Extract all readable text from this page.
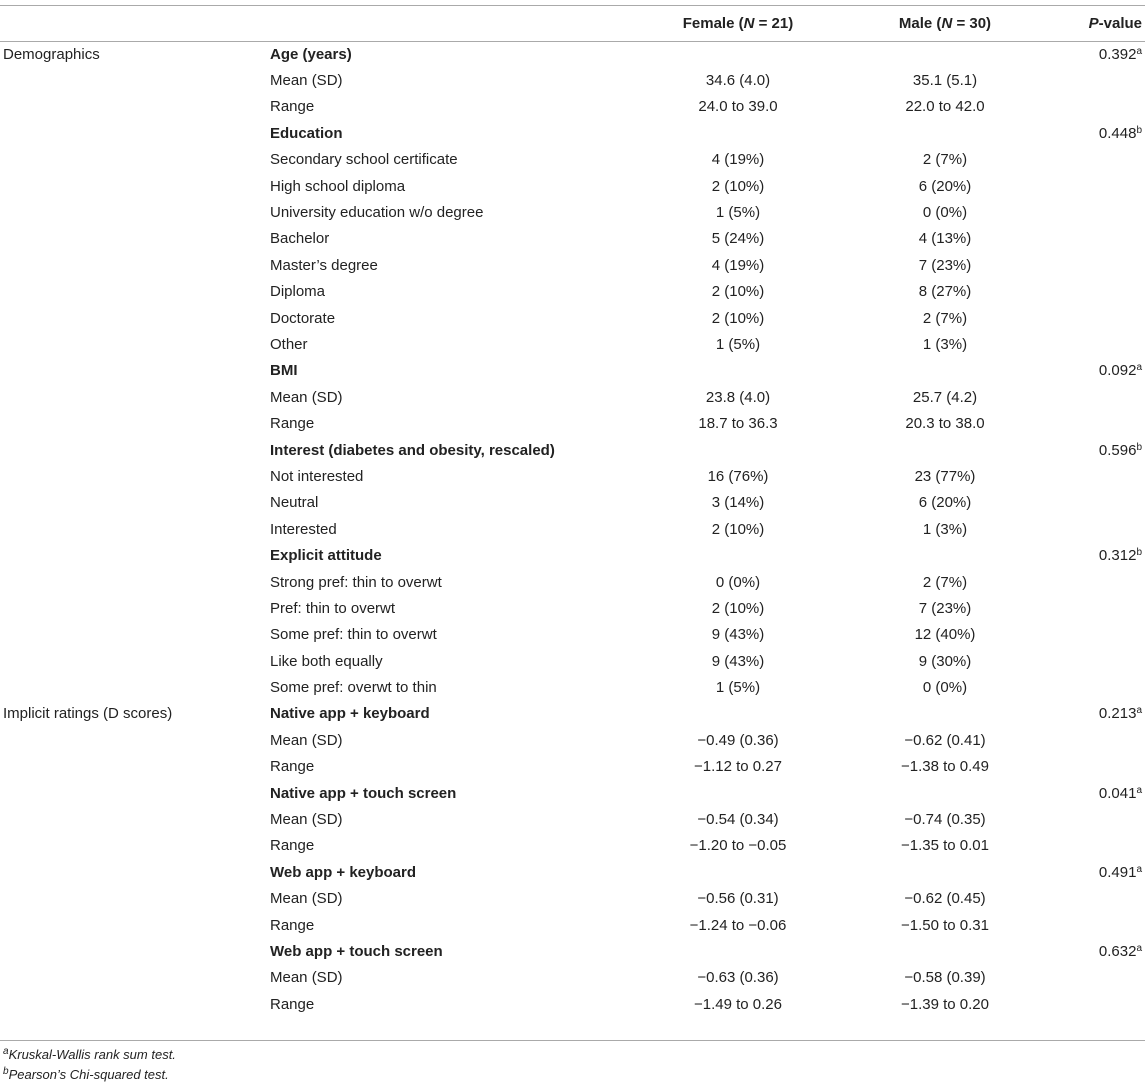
		Female (N = 21)	Male (N = 30)	P-value
Demographics	Age (years)			0.392$^a$
	Mean (SD)	34.6 (4.0)	35.1 (5.1)	
	Range	24.0 to 39.0	22.0 to 42.0	
	Education			0.448$^b$
	Secondary school certificate	4 (19%)	2 (7%)	
	High school diploma	2 (10%)	6 (20%)	
	University education w/o degree	1 (5%)	0 (0%)	
	Bachelor	5 (24%)	4 (13%)	
	Master’s degree	4 (19%)	7 (23%)	
	Diploma	2 (10%)	8 (27%)	
	Doctorate	2 (10%)	2 (7%)	
	Other	1 (5%)	1 (3%)	
	BMI			0.092$^a$
	Mean (SD)	23.8 (4.0)	25.7 (4.2)	
	Range	18.7 to 36.3	20.3 to 38.0	
	Interest (diabetes and obesity, rescaled)			0.596$^b$
	Not interested	16 (76%)	23 (77%)	
	Neutral	3 (14%)	6 (20%)	
	Interested	2 (10%)	1 (3%)	
	Explicit attitude			0.312$^b$
	Strong pref: thin to overwt	0 (0%)	2 (7%)	
	Pref: thin to overwt	2 (10%)	7 (23%)	
	Some pref: thin to overwt	9 (43%)	12 (40%)	
	Like both equally	9 (43%)	9 (30%)	
	Some pref: overwt to thin	1 (5%)	0 (0%)	
Implicit ratings (D scores)	Native app + keyboard			0.213$^a$
	Mean (SD)	−0.49 (0.36)	−0.62 (0.41)	
	Range	−1.12 to 0.27	−1.38 to 0.49	
	Native app + touch screen			0.041$^a$
	Mean (SD)	−0.54 (0.34)	−0.74 (0.35)	
	Range	−1.20 to −0.05	−1.35 to 0.01	
	Web app + keyboard			0.491$^a$
	Mean (SD)	−0.56 (0.31)	−0.62 (0.45)	
	Range	−1.24 to −0.06	−1.50 to 0.31	
	Web app + touch screen			0.632$^a$
	Mean (SD)	−0.63 (0.36)	−0.58 (0.39)	
	Range	−1.49 to 0.26	−1.39 to 0.20	
$^a$Kruskal-Wallis rank sum test.
$^b$Pearson’s Chi-squared test.
